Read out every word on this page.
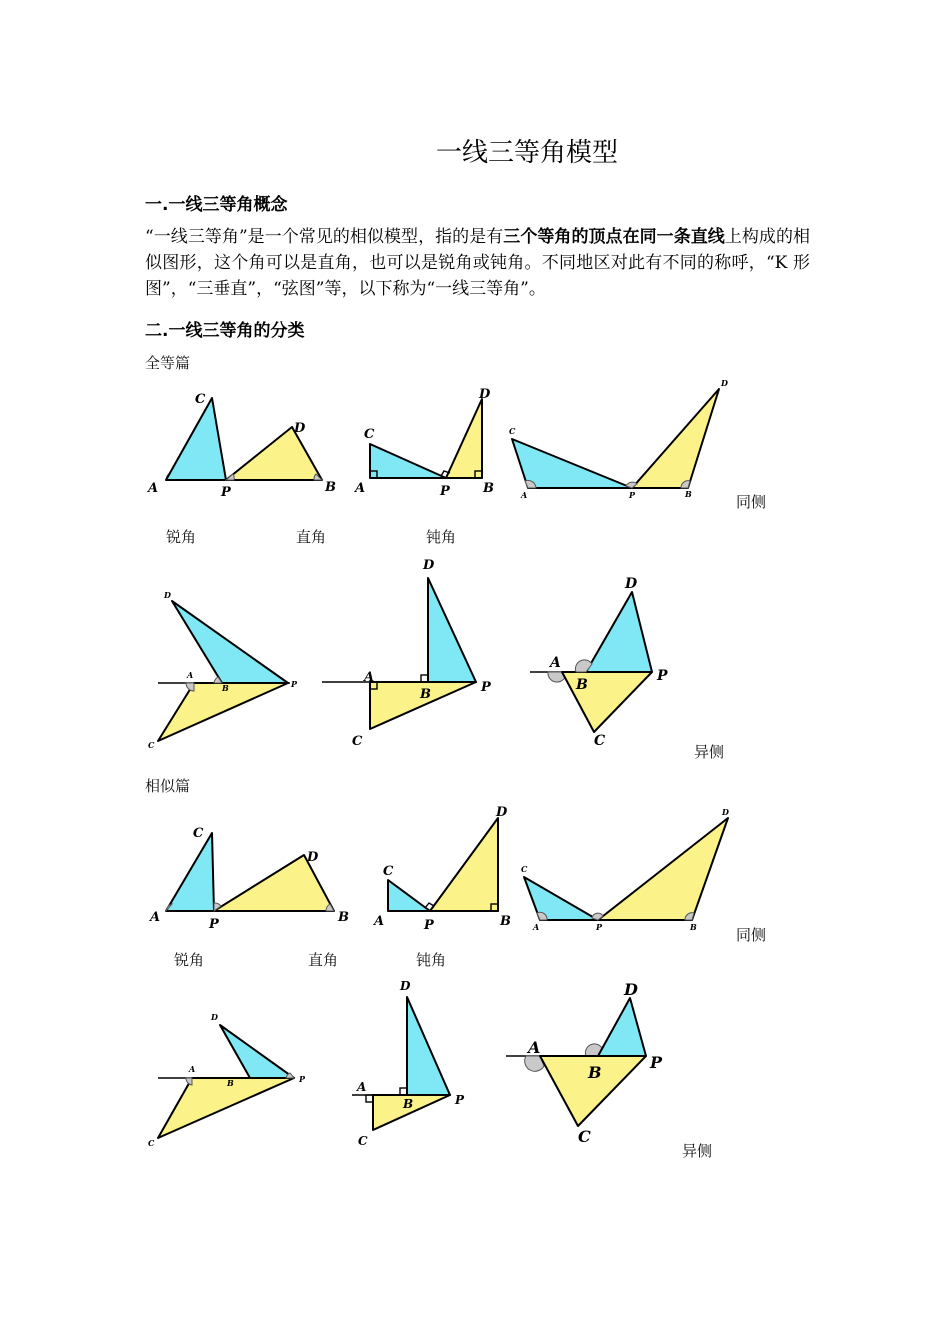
一线三等角模型
一.一线三等角概念
“一线三等角”是一个常见的相似模型，指的是有三个等角的顶点在同一条直线上构成的相似图形，这个角可以是直角，也可以是锐角或钝角。不同地区对此有不同的称呼，“K 形图”，“三垂直”，“弦图”等，以下称为“一线三等角”。
二.一线三等角的分类
全等篇
相似篇
锐角	直角	钝角
同侧
异侧
锐角	直角	钝角
同侧
异侧
A
C
P
D
B A
C
P
D
B	A
C
P
D
B
D
A
B	P
C
D
A
B	P
C
D
A
B
P
C
A
C
P
D
B A
C
P
D
B	A
C
P
D
B
D
A
B	P
C
D
A
B	P
C
D
A
B
P
C
